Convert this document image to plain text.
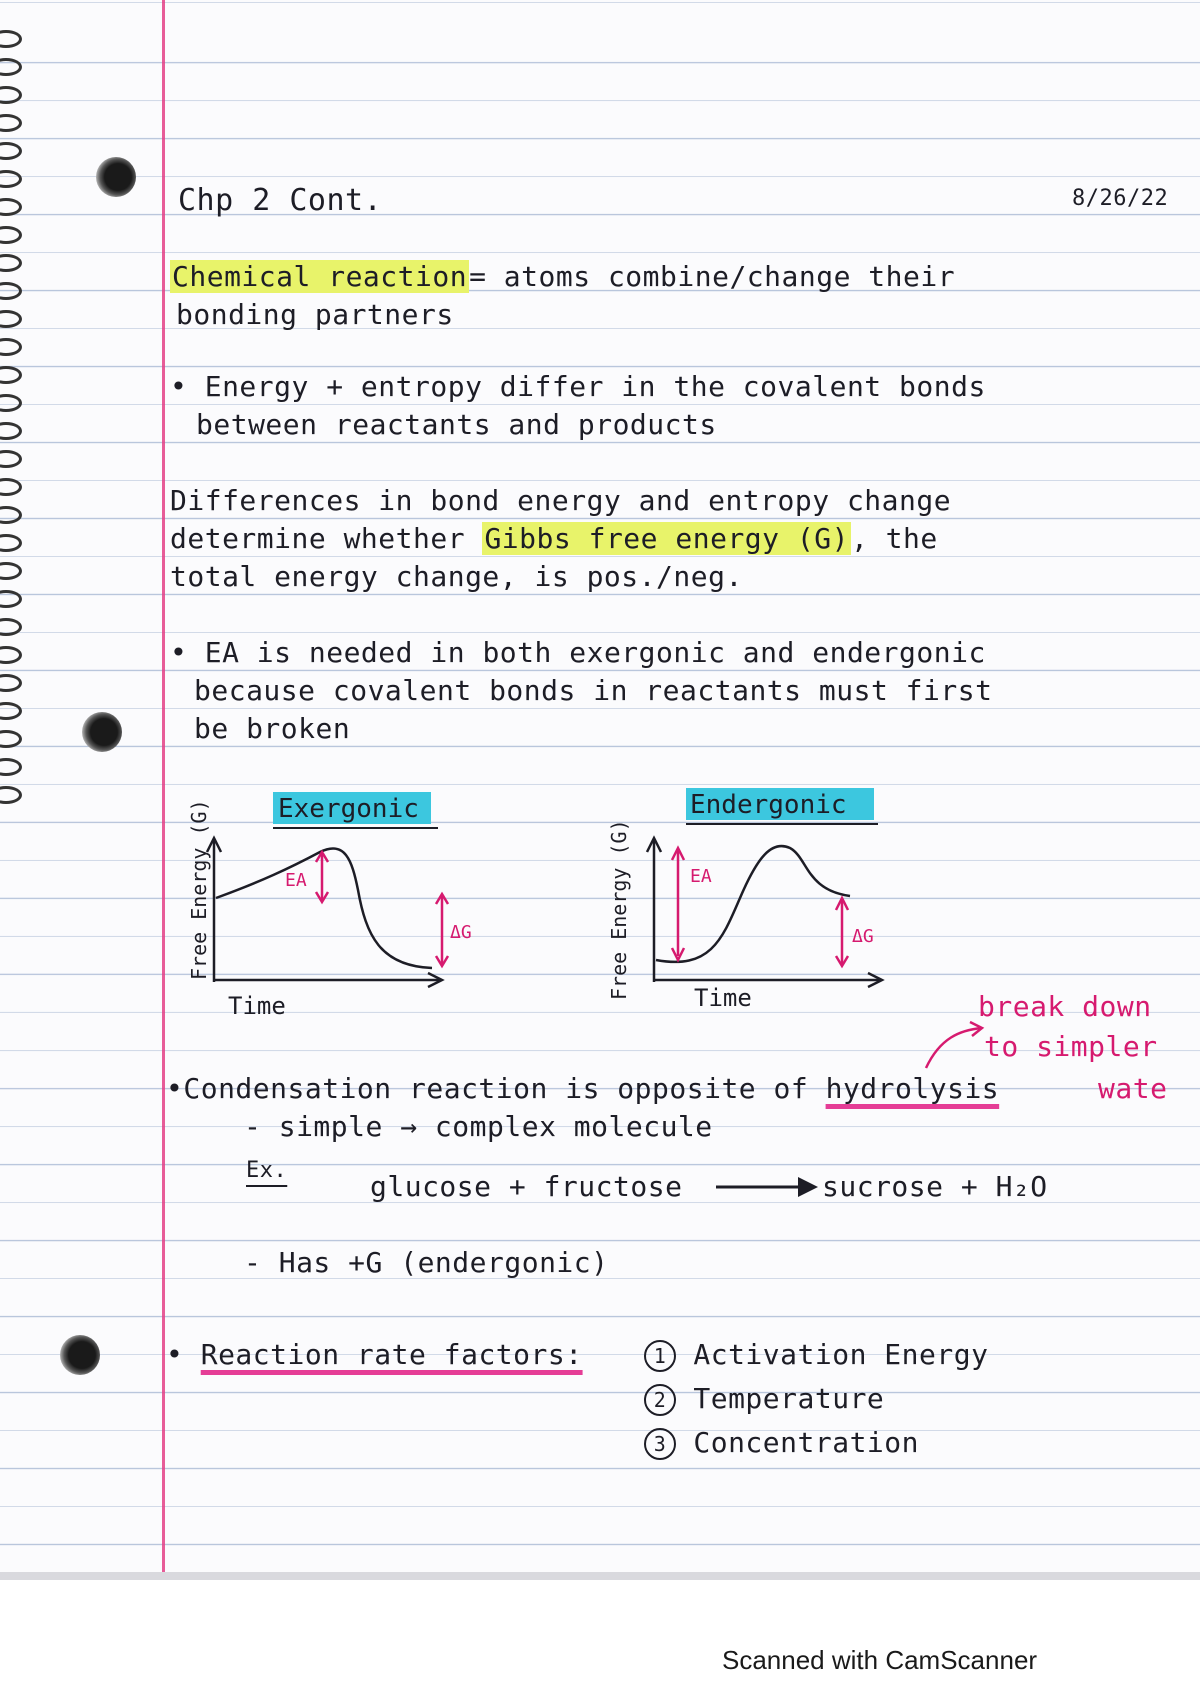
Chp 2 Cont.	8/26/22
Chemical reaction= atoms combine/change their
bonding partners
• Energy + entropy differ in the covalent bonds
between reactants and products
Differences in bond energy and entropy change
determine whether Gibbs free energy (G), the
total energy change, is pos./neg.
• EA is needed in both exergonic and endergonic
because covalent bonds in reactants must first
be broken
Free Energy (G)	Exergonic
EA
ΔG
Time
Free Energy (G)
Endergonic
EA
ΔG
Time	break down
to simpler
•Condensation reaction is opposite of hydrolysis	wate
- simple → complex molecule
Ex.	glucose + fructose	sucrose + H₂O
- Has +G (endergonic)
• Reaction rate factors:	1 Activation Energy
2 Temperature
3 Concentration
Scanned with CamScanner
